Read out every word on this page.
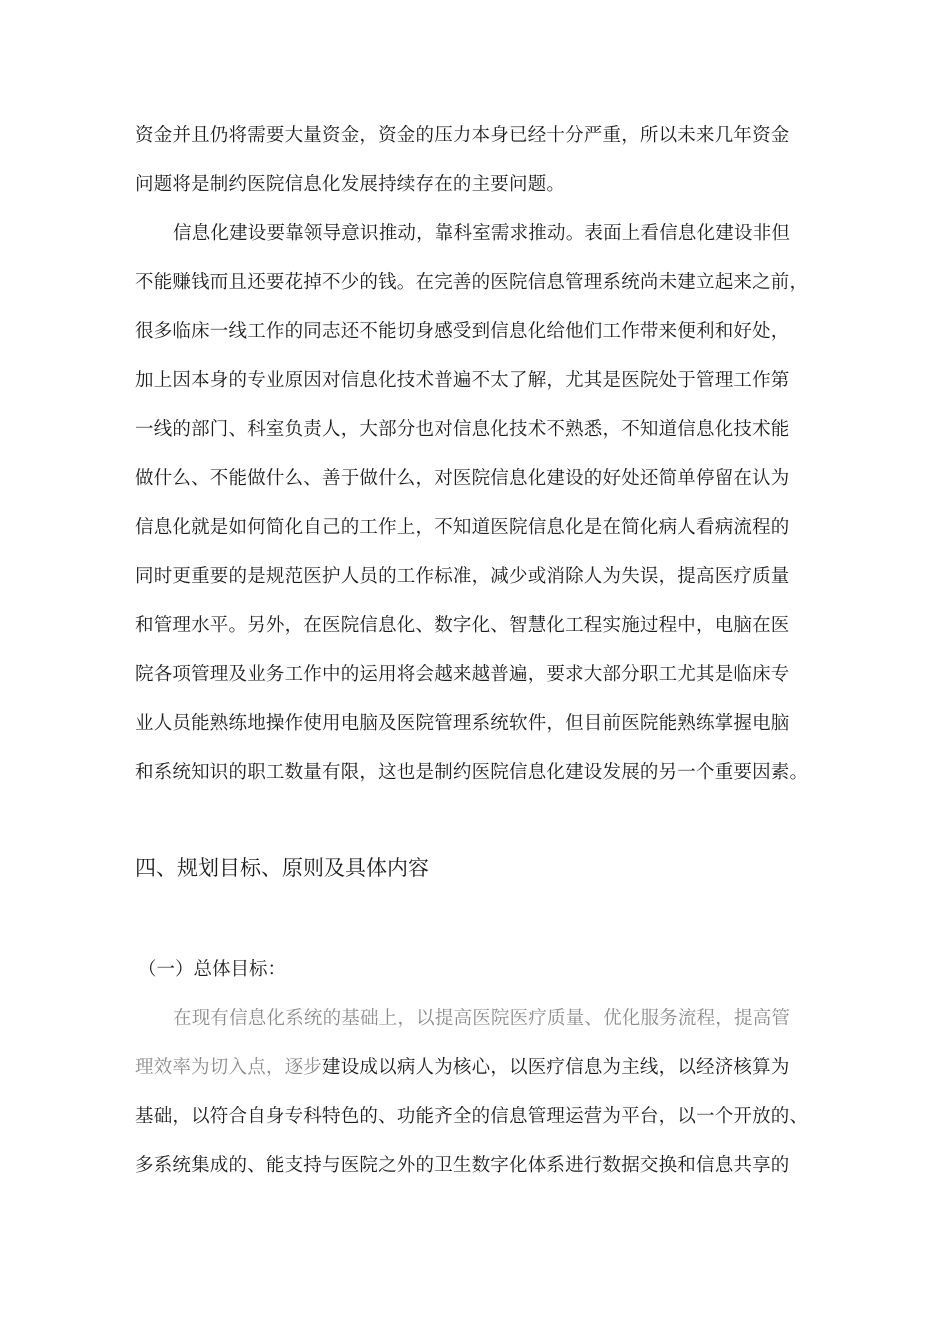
资金并且仍将需要大量资金，资金的压力本身已经十分严重，所以未来几年资金
问题将是制约医院信息化发展持续存在的主要问题。
信息化建设要靠领导意识推动，靠科室需求推动。表面上看信息化建设非但
不能赚钱而且还要花掉不少的钱。在完善的医院信息管理系统尚未建立起来之前，
很多临床一线工作的同志还不能切身感受到信息化给他们工作带来便利和好处，
加上因本身的专业原因对信息化技术普遍不太了解，尤其是医院处于管理工作第
一线的部门、科室负责人，大部分也对信息化技术不熟悉，不知道信息化技术能
做什么、不能做什么、善于做什么，对医院信息化建设的好处还简单停留在认为
信息化就是如何简化自己的工作上，不知道医院信息化是在简化病人看病流程的
同时更重要的是规范医护人员的工作标准，减少或消除人为失误，提高医疗质量
和管理水平。另外，在医院信息化、数字化、智慧化工程实施过程中，电脑在医
院各项管理及业务工作中的运用将会越来越普遍，要求大部分职工尤其是临床专
业人员能熟练地操作使用电脑及医院管理系统软件，但目前医院能熟练掌握电脑
和系统知识的职工数量有限，这也是制约医院信息化建设发展的另一个重要因素。
四、规划目标、原则及具体内容
（一）总体目标：
在现有信息化系统的基础上，以提高医院医疗质量、优化服务流程，提高管
理效率为切入点，逐步建设成以病人为核心，以医疗信息为主线，以经济核算为
基础，以符合自身专科特色的、功能齐全的信息管理运营为平台，以一个开放的、
多系统集成的、能支持与医院之外的卫生数字化体系进行数据交换和信息共享的
